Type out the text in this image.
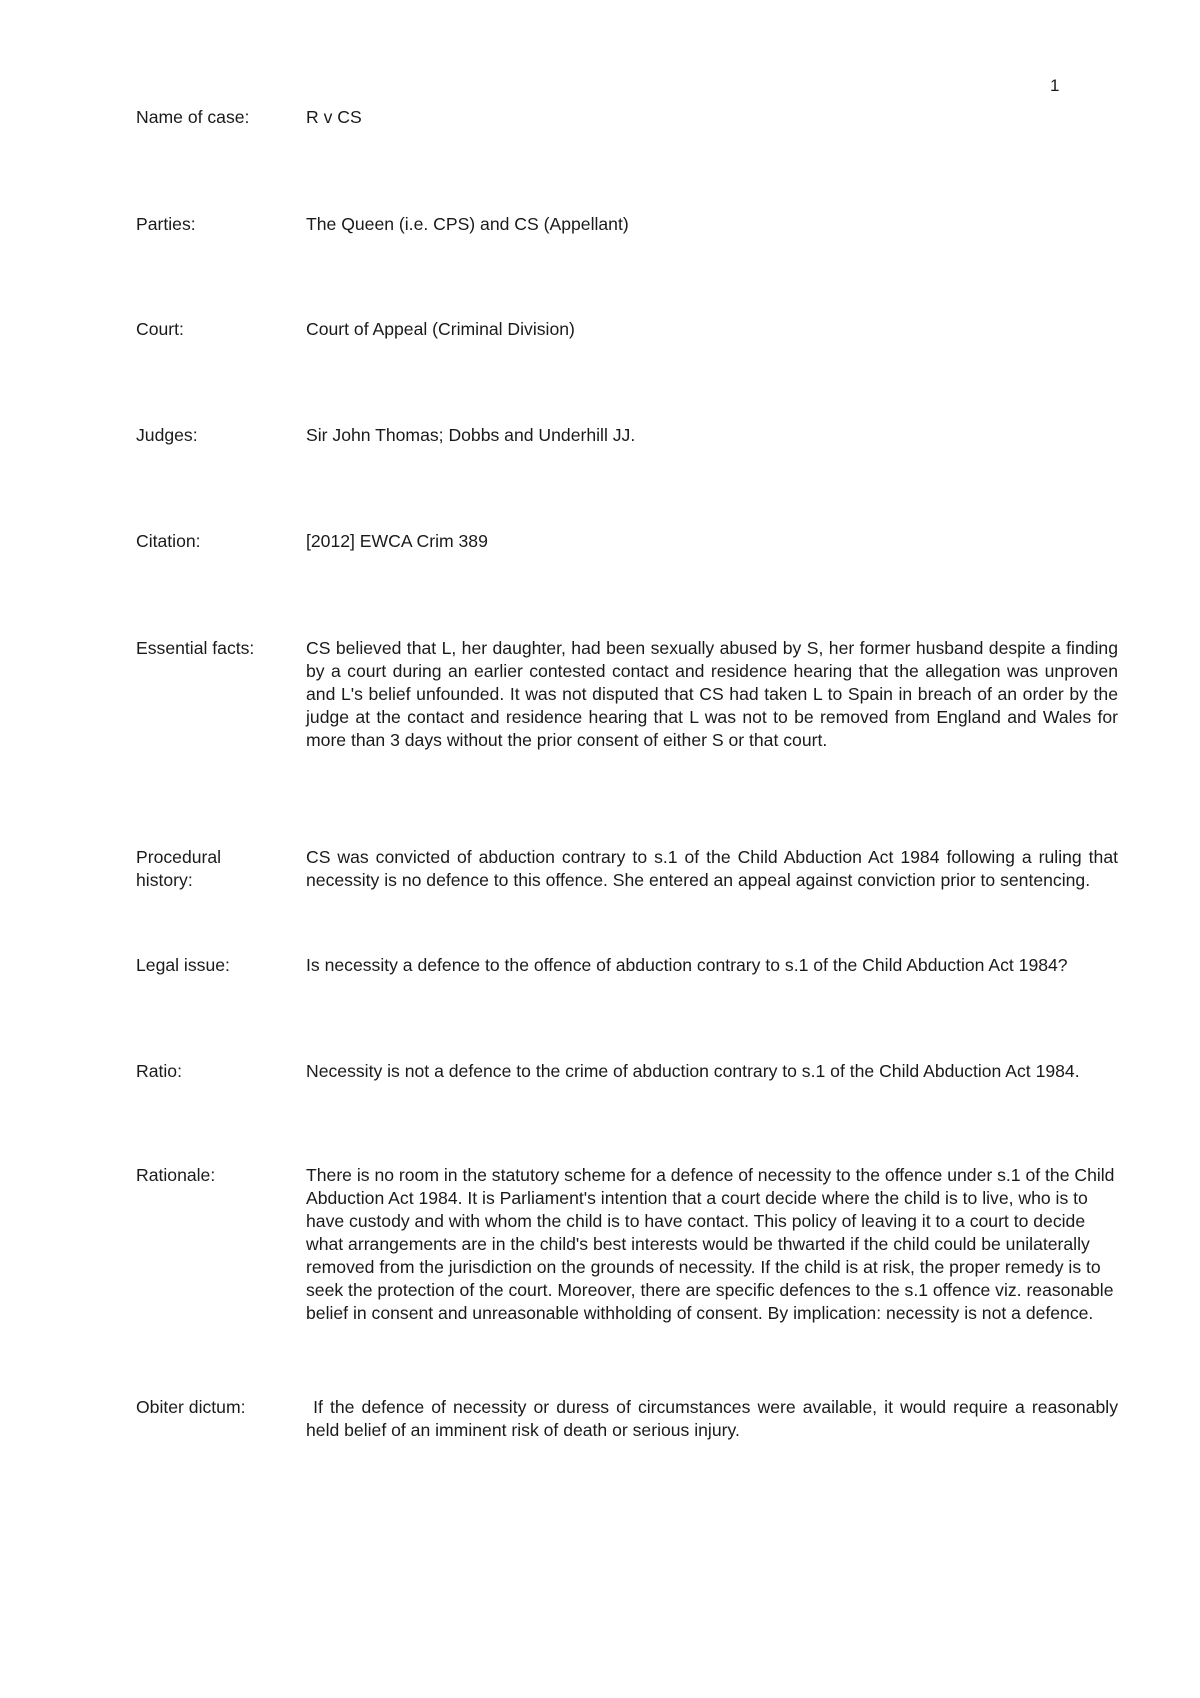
1
Name of case:	R v CS
Parties:	The Queen (i.e. CPS) and CS (Appellant)
Court:	Court of Appeal (Criminal Division)
Judges:	Sir John Thomas; Dobbs and Underhill JJ.
Citation:	[2012] EWCA Crim 389
Essential facts:	CS believed that L, her daughter, had been sexually abused by S, her former husband despite a finding by a court during an earlier contested contact and residence hearing that the allegation was unproven and L's belief unfounded. It was not disputed that CS had taken L to Spain in breach of an order by the judge at the contact and residence hearing that L was not to be removed from England and Wales for more than 3 days without the prior consent of either S or that court.
Procedural history:
CS was convicted of abduction contrary to s.1 of the Child Abduction Act 1984 following a ruling that necessity is no defence to this offence. She entered an appeal against conviction prior to sentencing.
Legal issue:	Is necessity a defence to the offence of abduction contrary to s.1 of the Child Abduction Act 1984?
Ratio:	Necessity is not a defence to the crime of abduction contrary to s.1 of the Child Abduction Act 1984.
Rationale:	There is no room in the statutory scheme for a defence of necessity to the offence under s.1 of the Child Abduction Act 1984. It is Parliament's intention that a court decide where the child is to live, who is to have custody and with whom the child is to have contact. This policy of leaving it to a court to decide what arrangements are in the child's best interests would be thwarted if the child could be unilaterally removed from the jurisdiction on the grounds of necessity. If the child is at risk, the proper remedy is to seek the protection of the court. Moreover, there are specific defences to the s.1 offence viz. reasonable belief in consent and unreasonable withholding of consent. By implication: necessity is not a defence.
Obiter dictum:	If the defence of necessity or duress of circumstances were available, it would require a reasonably held belief of an imminent risk of death or serious injury.
